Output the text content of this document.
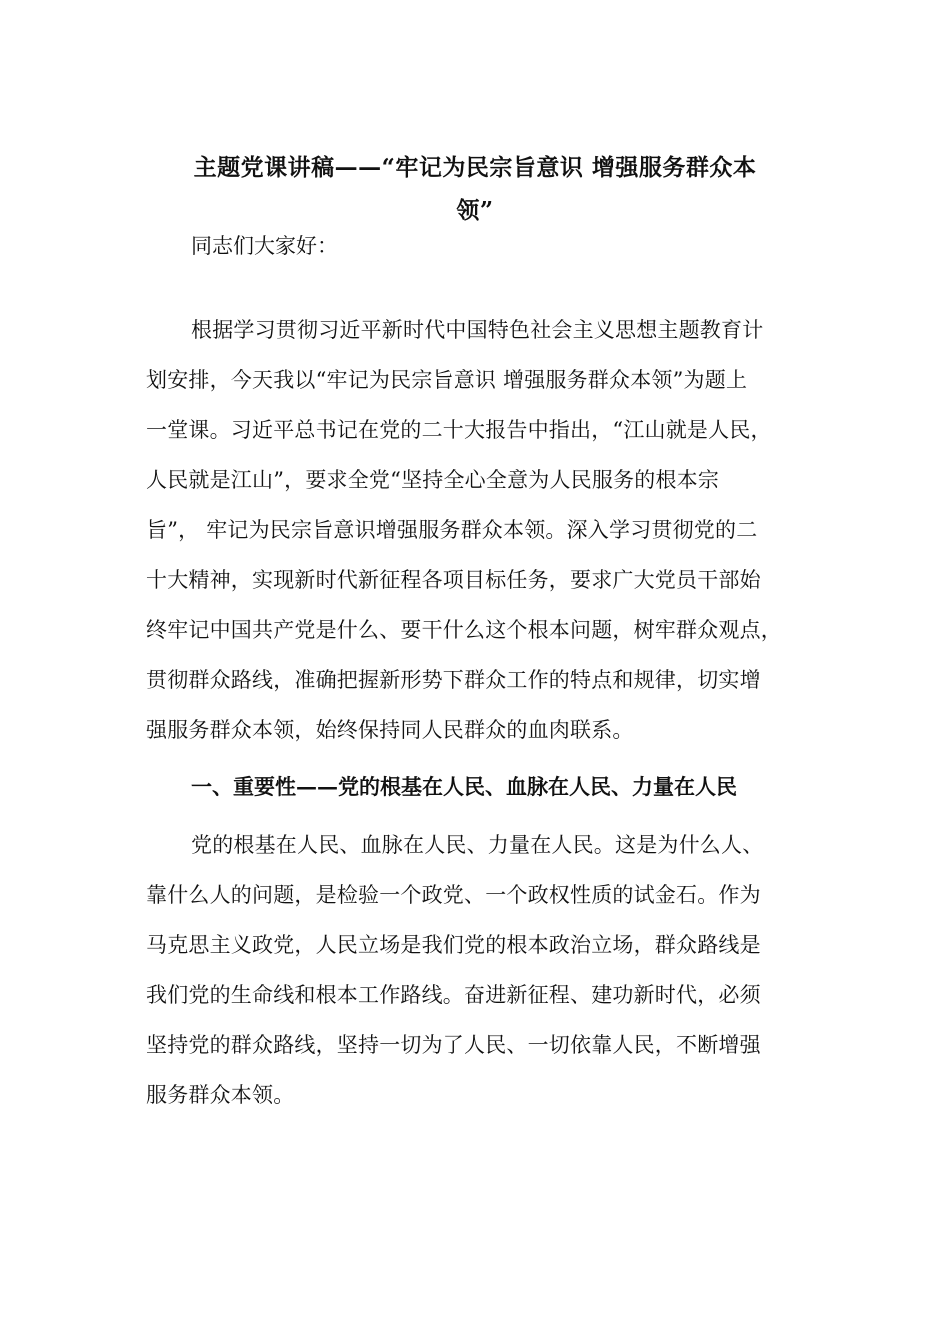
主题党课讲稿——“牢记为民宗旨意识 增强服务群众本
领”
同志们大家好：
根据学习贯彻习近平新时代中国特色社会主义思想主题教育计
划安排，今天我以“牢记为民宗旨意识 增强服务群众本领”为题上
一堂课。习近平总书记在党的二十大报告中指出，“江山就是人民，
人民就是江山”，要求全党“坚持全心全意为人民服务的根本宗
旨”， 牢记为民宗旨意识增强服务群众本领。深入学习贯彻党的二
十大精神，实现新时代新征程各项目标任务，要求广大党员干部始
终牢记中国共产党是什么、要干什么这个根本问题，树牢群众观点，
贯彻群众路线，准确把握新形势下群众工作的特点和规律，切实增
强服务群众本领，始终保持同人民群众的血肉联系。
一、重要性——党的根基在人民、血脉在人民、力量在人民
党的根基在人民、血脉在人民、力量在人民。这是为什么人、
靠什么人的问题，是检验一个政党、一个政权性质的试金石。作为
马克思主义政党，人民立场是我们党的根本政治立场，群众路线是
我们党的生命线和根本工作路线。奋进新征程、建功新时代，必须
坚持党的群众路线，坚持一切为了人民、一切依靠人民，不断增强
服务群众本领。
